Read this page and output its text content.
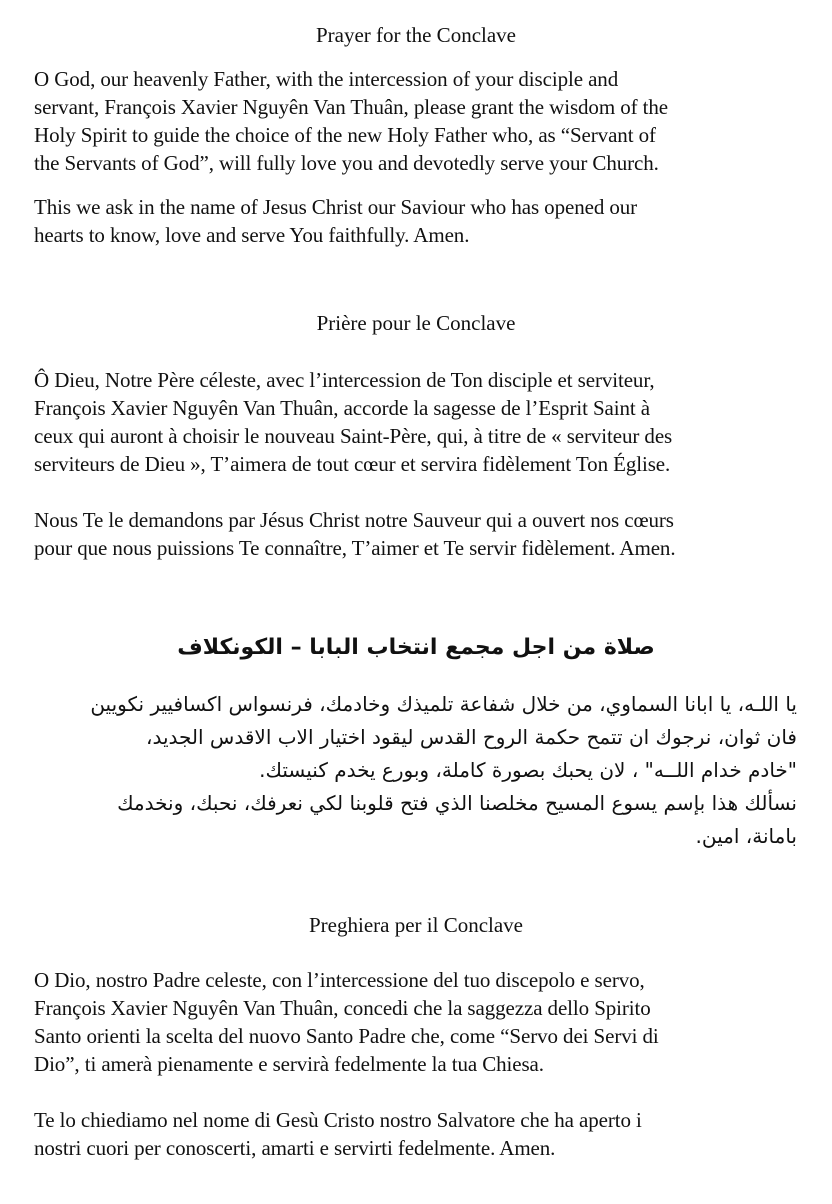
Prayer for the Conclave
O God, our heavenly Father, with the intercession of your disciple and
servant, François Xavier Nguyên Van Thuân, please grant the wisdom of the
Holy Spirit to guide the choice of the new Holy Father who, as “Servant of
the Servants of God”, will fully love you and devotedly serve your Church.
This we ask in the name of Jesus Christ our Saviour who has opened our
hearts to know, love and serve You faithfully. Amen.
Prière pour le Conclave
Ô Dieu, Notre Père céleste, avec l’intercession de Ton disciple et serviteur,
François Xavier Nguyên Van Thuân, accorde la sagesse de l’Esprit Saint à
ceux qui auront à choisir le nouveau Saint-Père, qui, à titre de « serviteur des
serviteurs de Dieu », T’aimera de tout cœur et servira fidèlement Ton Église.
Nous Te le demandons par Jésus Christ notre Sauveur qui a ouvert nos cœurs
pour que nous puissions Te connaître, T’aimer et Te servir fidèlement. Amen.
صلاة من اجل مجمع انتخاب البابا – الكونكلاف
يا اللـه، يا ابانا السماوي، من خلال شفاعة تلميذك وخادمك، فرنسواس اكسافيير نكويين
فان ثوان، نرجوك ان تتمح حكمة الروح القدس ليقود اختيار الاب الاقدس الجديد،
"خادم خدام اللــه" ، لان يحبك بصورة كاملة، وبورع يخدم كنيستك.
نسألك هذا بإسم يسوع المسيح مخلصنا الذي فتح قلوبنا لكي نعرفك، نحبك، ونخدمك
بامانة، امين.
Preghiera per il Conclave
O Dio, nostro Padre celeste, con l’intercessione del tuo discepolo e servo,
François Xavier Nguyên Van Thuân, concedi che la saggezza dello Spirito
Santo orienti la scelta del nuovo Santo Padre che, come “Servo dei Servi di
Dio”, ti amerà pienamente e servirà fedelmente la tua Chiesa.
Te lo chiediamo nel nome di Gesù Cristo nostro Salvatore che ha aperto i
nostri cuori per conoscerti, amarti e servirti fedelmente. Amen.
